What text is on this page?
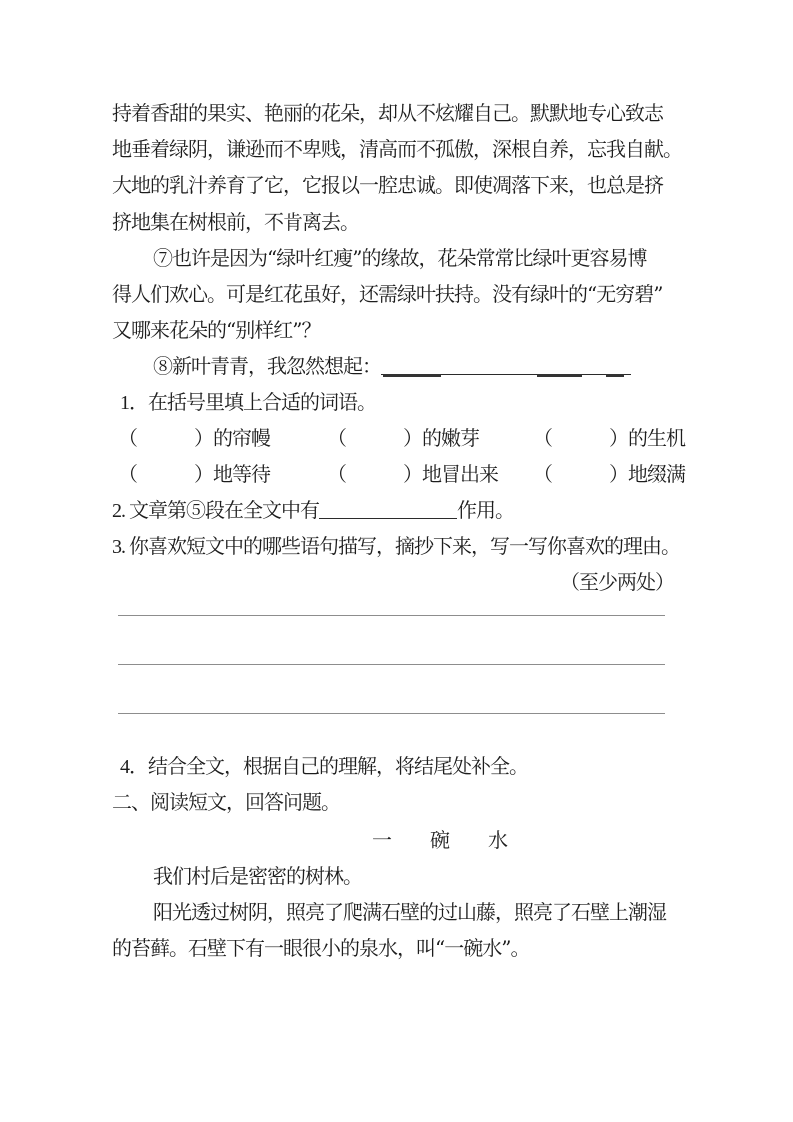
持着香甜的果实、艳丽的花朵，却从不炫耀自己。默默地专心致志
地垂着绿阴，谦逊而不卑贱，清高而不孤傲，深根自养，忘我自献。
大地的乳汁养育了它，它报以一腔忠诚。即使凋落下来，也总是挤
挤地集在树根前，不肯离去。
⑦也许是因为“绿叶红瘦”的缘故，花朵常常比绿叶更容易博
得人们欢心。可是红花虽好，还需绿叶扶持。没有绿叶的“无穷碧”
又哪来花朵的“别样红”？
⑧新叶青青，我忽然想起：
1．在括号里填上合适的词语。
（　　　）的帘幔	（　　　）的嫩芽	（　　　）的生机
（　　　）地等待	（　　　）地冒出来 （　　　）地缀满
2. 文章第⑤段在全文中有	作用。
3. 你喜欢短文中的哪些语句描写，摘抄下来，写一写你喜欢的理由。
（至少两处）
4．结合全文，根据自己的理解，将结尾处补全。
二、阅读短文，回答问题。
一　碗　水
我们村后是密密的树林。
阳光透过树阴，照亮了爬满石壁的过山藤，照亮了石壁上潮湿
的苔藓。石壁下有一眼很小的泉水，叫“一碗水”。
